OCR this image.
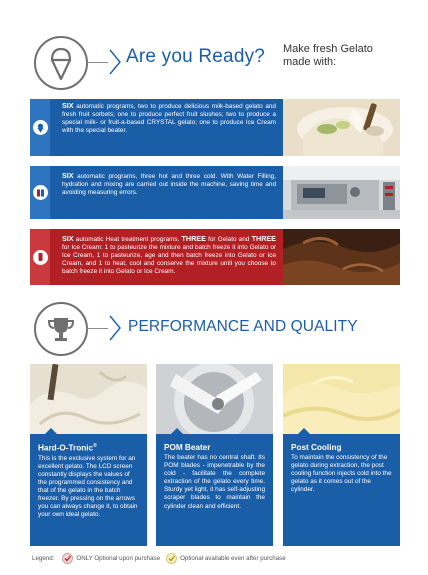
Are you Ready? Make fresh Gelato made with:
SIX automatic programs, two to produce delicious milk-based gelato and fresh fruit sorbets; one to produce perfect fruit slushes; two to produce a special milk- or fruit-a-based CRYSTAL gelato; one to produce Ice Cream with the special beater.
SIX automatic programs, three hot and three cold. With Water Filling, hydration and mixing are carried out inside the machine, saving time and avoiding measuring errors.
SIX automatic Heat treatment programs. THREE for Gelato and THREE for Ice Cream: 1 to pasteurize the mixture and batch freeze it into Gelato or Ice Cream, 1 to pasteurize, age and then batch freeze into Gelato or Ice Cream, and 1 to heat, cool and conserve the mixture until you choose to batch freeze it into Gelato or Ice Cream.
PERFORMANCE AND QUALITY
Hard-O-Tronic®
This is the exclusive system for an excellent gelato. The LCD screen constantly displays the values of the programmed consistency and that of the gelato in the batch freezer. By pressing on the arrows you can always change it, to obtain your own ideal gelato.
POM Beater
The beater has no central shaft. Its POM blades - impenetrable by the cold - facilitate the complete extraction of the gelato every time. Sturdy yet light, it has self-adjusting scraper blades to maintain the cylinder clean and efficient.
Post Cooling
To maintain the consistency of the gelato during extraction, the post cooling function injects cold into the gelato as it comes out of the cylinder.
Legend:	ONLY Optional upon purchase	Optional available even after purchase
